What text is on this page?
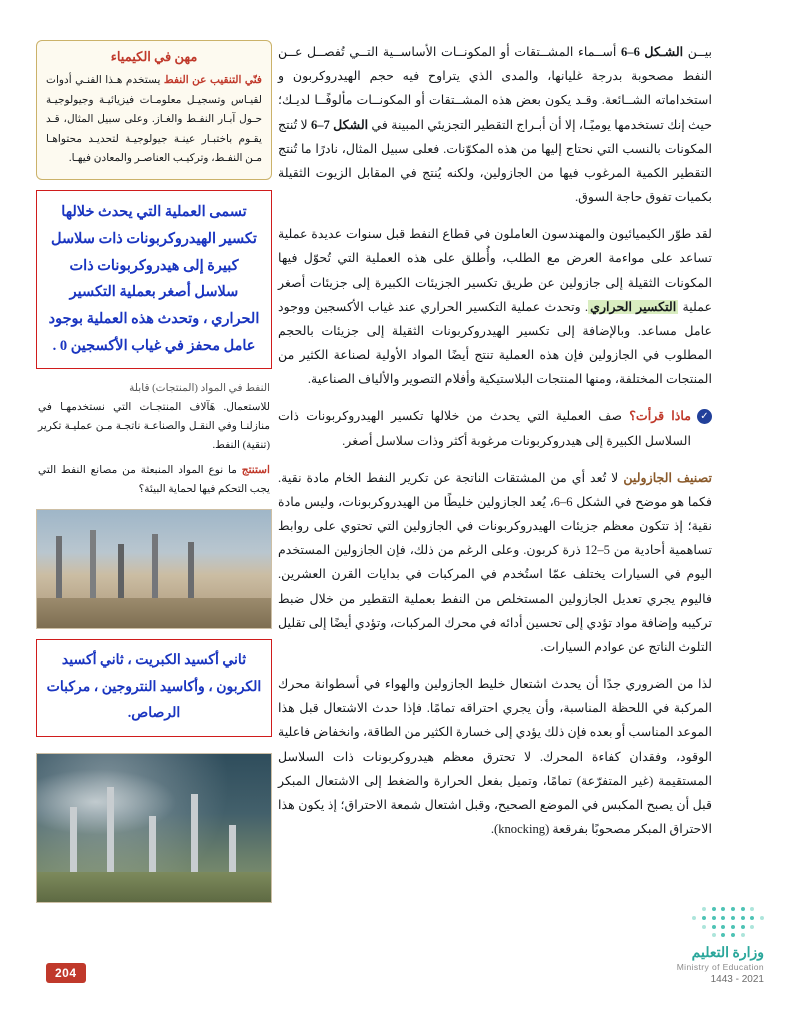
بيــن الشـكل 6–6 أســماء المشــتقات أو المكونــات الأساســية التــي تُفصــل عــن النفط مصحوبة بدرجة غليانها، والمدى الذي يتراوح فيه حجم الهيدروكربون و استخداماته الشــائعة. وقـد يكون بعض هذه المشــتقات أو المكونــات مألوفًــا لديـك؛ حيث إنك تستخدمها يوميًـا، إلا أن أبـراج التقطير التجزيئي المبينة في الشكل 7–6 لا تُنتج المكونات بالنسب التي نحتاج إليها من هذه المكوّنات. فعلى سبيل المثال، نادرًا ما تُنتج التقطير الكمية المرغوب فيها من الجازولين، ولكنه يُنتج في المقابل الزيوت الثقيلة بكميات تفوق حاجة السوق.

لقد طوّر الكيميائيون والمهندسون العاملون في قطاع النفط قبل سنوات عديدة عملية تساعد على مواءمة العرض مع الطلب، وأُطلق على هذه العملية التي تُحوّل فيها المكونات الثقيلة إلى جازولين عن طريق تكسير الجزيئات الكبيرة إلى جزيئات أصغر عملية التكسير الحراري. وتحدث عملية التكسير الحراري عند غياب الأكسجين ووجود عامل مساعد. وبالإضافة إلى تكسير الهيدروكربونات الثقيلة إلى جزيئات بالحجم المطلوب في الجازولين فإن هذه العملية تنتج أيضًا المواد الأولية لصناعة الكثير من المنتجات المختلفة، ومنها المنتجات البلاستيكية وأفلام التصوير والألياف الصناعية.

✓
ماذا قرأت؟ صف العملية التي يحدث من خلالها تكسير الهيدروكربونات ذات السلاسل الكبيرة إلى هيدروكربونات مرغوبة أكثر وذات سلاسل أصغر.

تصنيف الجازولين لا تُعد أي من المشتقات الناتجة عن تكرير النفط الخام مادة نقية. فكما هو موضح في الشكل 6–6، يُعد الجازولين خليطًا من الهيدروكربونات، وليس مادة نقية؛ إذ تتكون معظم جزيئات الهيدروكربونات في الجازولين التي تحتوي على روابط تساهمية أحادية من 5–12 ذرة كربون. وعلى الرغم من ذلك، فإن الجازولين المستخدم اليوم في السيارات يختلف عمّا استُخدم في المركبات في بدايات القرن العشرين. فاليوم يجري تعديل الجازولين المستخلص من النفط بعملية التقطير من خلال ضبط تركيبه وإضافة مواد تؤدي إلى تحسين أدائه في محرك المركبات، وتؤدي أيضًا إلى تقليل التلوث الناتج عن عوادم السيارات.

لذا من الضروري جدًا أن يحدث اشتعال خليط الجازولين والهواء في أسطوانة محرك المركبة في اللحظة المناسبة، وأن يجري احتراقه تمامًا. فإذا حدث الاشتعال قبل هذا الموعد المناسب أو بعده فإن ذلك يؤدي إلى خسارة الكثير من الطاقة، وانخفاض فاعلية الوقود، وفقدان كفاءة المحرك. لا تحترق معظم هيدروكربونات ذات السلاسل المستقيمة (غير المتفرّعة) تمامًا، وتميل بفعل الحرارة والضغط إلى الاشتعال المبكر قبل أن يصبح المكبس في الموضع الصحيح، وقبل اشتعال شمعة الاحتراق؛ إذ يكون هذا الاحتراق المبكر مصحوبًا بفرقعة (knocking).

وزارة التعليم
Ministry of Education
2021 - 1443
مهن في الكيمياء
فنّي التنقيب عن النفط يستخدم هـذا الفنـي أدوات لقيـاس وتسجيـل معلومـات فيزيائيـة وجيولوجيـة حـول آبـار النفـط والغـاز. وعلى سبيل المثال، قـد يقـوم باختبـار عينـة جيولوجيـة لتحديـد محتواهـا مـن النفـط، وتركيـب العناصـر والمعادن فيهـا.
تسمى العملية التي يحدث خلالها تكسير الهيدروكربونات ذات سلاسل كبيرة إلى هيدروكربونات ذات سلاسل أصغر بعملية التكسير الحراري ، وتحدث هذه العملية بوجود عامل محفز في غياب الأكسجين 0 .
النفط في المواد (المنتجات) قابلة
للاستعمال. هَآلاف المنتجـات التي نستخدمهـا في منازلنـا وفي النقـل والصناعـة ناتجـة مـن عمليـة تكرير (تنقية) النفط.
استنتج ما نوع المواد المنبعثة من مصانع النفط التي يجب التحكم فيها لحماية البيئة؟
ثاني أكسيد الكبريت ، ثاني أكسيد الكربون ، وأكاسيد النتروجين ، مركبات الرصاص.
204
